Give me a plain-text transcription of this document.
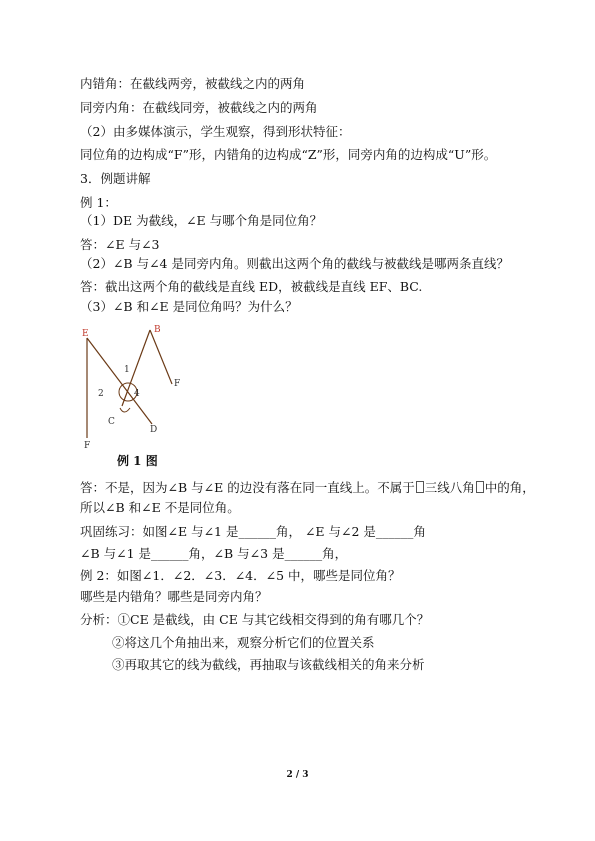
内错角：在截线两旁，被截线之内的两角
同旁内角：在截线同旁，被截线之内的两角
（2）由多媒体演示，学生观察，得到形状特征：
同位角的边构成“F”形，内错角的边构成“Z”形，同旁内角的边构成“U”形。
3．例题讲解
例 1：
（1）DE 为截线，∠E 与哪个角是同位角？
答：∠E 与∠3
（2）∠B 与∠4 是同旁内角。则截出这两个角的截线与被截线是哪两条直线？
答：截出这两个角的截线是直线 ED，被截线是直线 EF、BC.
（3）∠B 和∠E 是同位角吗？为什么？
E	B
F
F
C
D
1
2	4
例 1 图
答：不是，因为∠B 与∠E 的边没有落在同一直线上。不属于 三线八角 中的角，
所以∠B 和∠E 不是同位角。
巩固练习：如图∠E 与∠1 是______角， ∠E 与∠2 是______角
∠B 与∠1 是______角，∠B 与∠3 是______角，
例 2：如图∠1．∠2．∠3．∠4．∠5 中，哪些是同位角？
哪些是内错角？哪些是同旁内角？
分析：①CE 是截线，由 CE 与其它线相交得到的角有哪几个？
②将这几个角抽出来，观察分析它们的位置关系
③再取其它的线为截线，再抽取与该截线相关的角来分析
2 / 3
